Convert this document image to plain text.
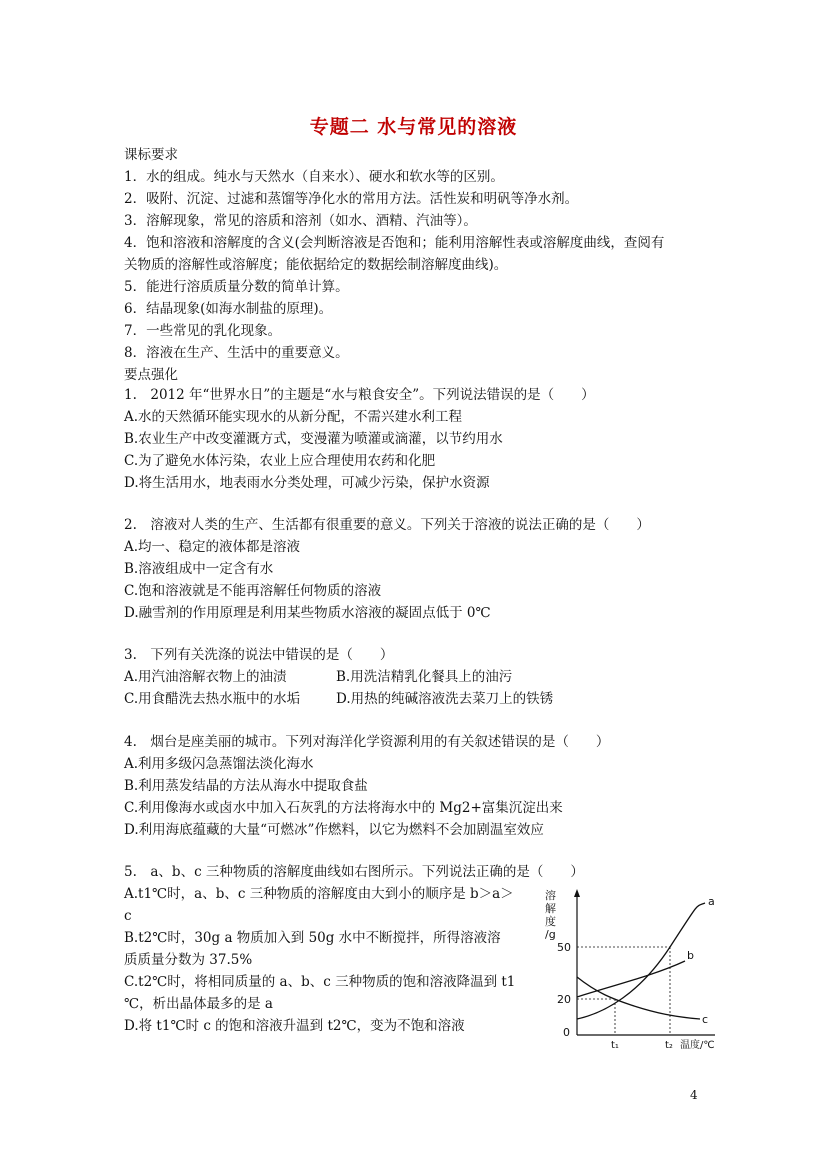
专题二 水与常见的溶液
课标要求
1．水的组成。纯水与天然水（自来水）、硬水和软水等的区别。
2．吸附、沉淀、过滤和蒸馏等净化水的常用方法。活性炭和明矾等净水剂。
3．溶解现象，常见的溶质和溶剂（如水、酒精、汽油等）。
4．饱和溶液和溶解度的含义(会判断溶液是否饱和；能利用溶解性表或溶解度曲线，查阅有
关物质的溶解性或溶解度；能依据给定的数据绘制溶解度曲线)。
5．能进行溶质质量分数的简单计算。
6．结晶现象(如海水制盐的原理)。
7．一些常见的乳化现象。
8．溶液在生产、生活中的重要意义。
要点强化
1.　2012 年“世界水日”的主题是“水与粮食安全”。下列说法错误的是（　　）
A.水的天然循环能实现水的从新分配，不需兴建水利工程
B.农业生产中改变灌溉方式，变漫灌为喷灌或滴灌，以节约用水
C.为了避免水体污染，农业上应合理使用农药和化肥
D.将生活用水，地表雨水分类处理，可减少污染，保护水资源
2.　溶液对人类的生产、生活都有很重要的意义。下列关于溶液的说法正确的是（　　）
A.均一、稳定的液体都是溶液
B.溶液组成中一定含有水
C.饱和溶液就是不能再溶解任何物质的溶液
D.融雪剂的作用原理是利用某些物质水溶液的凝固点低于 0℃
3.　下列有关洗涤的说法中错误的是（　　）
A.用汽油溶解衣物上的油渍	B.用洗洁精乳化餐具上的油污
C.用食醋洗去热水瓶中的水垢	D.用热的纯碱溶液洗去菜刀上的铁锈
4.　烟台是座美丽的城市。下列对海洋化学资源利用的有关叙述错误的是（　　）
A.利用多级闪急蒸馏法淡化海水
B.利用蒸发结晶的方法从海水中提取食盐
C.利用像海水或卤水中加入石灰乳的方法将海水中的 Mg2+富集沉淀出来
D.利用海底蕴藏的大量“可燃冰”作燃料，以它为燃料不会加剧温室效应
5.　a、b、c 三种物质的溶解度曲线如右图所示。下列说法正确的是（　　）
A.t1℃时，a、b、c 三种物质的溶解度由大到小的顺序是 b＞a＞
c
B.t2℃时，30g a 物质加入到 50g 水中不断搅拌，所得溶液溶
质质量分数为 37.5%
C.t2℃时，将相同质量的 a、b、c 三种物质的饱和溶液降温到 t1
℃，析出晶体最多的是 a
D.将 t1℃时 c 的饱和溶液升温到 t2℃，变为不饱和溶液
溶
解
度
/g
50
20
0
a
b
c
t₁	t₂ 温度/℃
4
